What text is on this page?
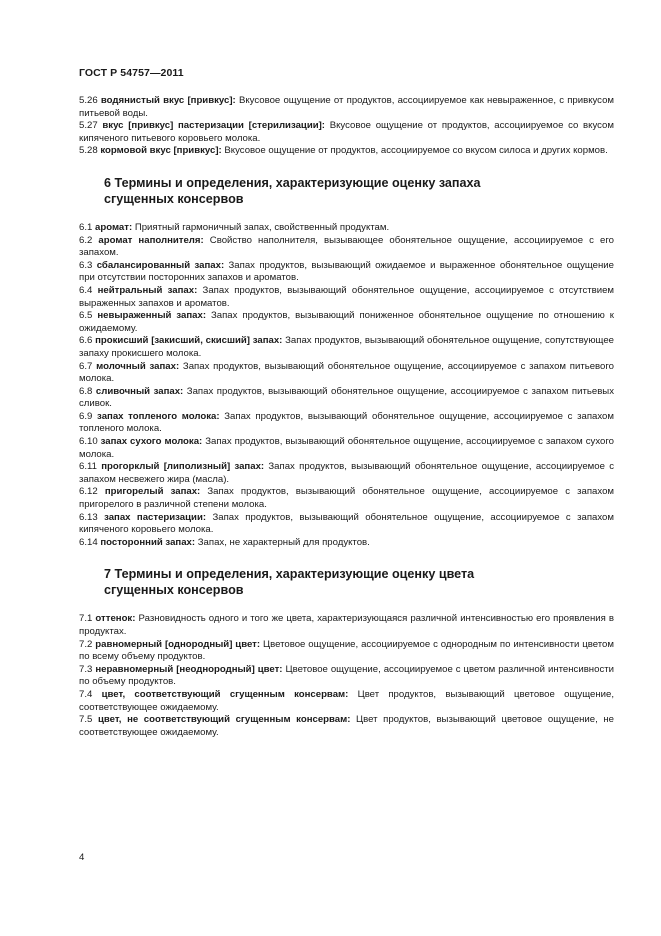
ГОСТ Р 54757—2011

5.26 водянистый вкус [привкус]: Вкусовое ощущение от продуктов, ассоциируемое как невыраженное, с привкусом питьевой воды.

5.27 вкус [привкус] пастеризации [стерилизации]: Вкусовое ощущение от продуктов, ассоциируемое со вкусом кипяченого питьевого коровьего молока.

5.28 кормовой вкус [привкус]: Вкусовое ощущение от продуктов, ассоциируемое со вкусом силоса и других кормов.

6 Термины и определения, характеризующие оценку запаха
сгущенных консервов

6.1 аромат: Приятный гармоничный запах, свойственный продуктам.

6.2 аромат наполнителя: Свойство наполнителя, вызывающее обонятельное ощущение, ассоциируемое с его запахом.

6.3 сбалансированный запах: Запах продуктов, вызывающий ожидаемое и выраженное обонятельное ощущение при отсутствии посторонних запахов и ароматов.

6.4 нейтральный запах: Запах продуктов, вызывающий обонятельное ощущение, ассоциируемое с отсутствием выраженных запахов и ароматов.

6.5 невыраженный запах: Запах продуктов, вызывающий пониженное обонятельное ощущение по отношению к ожидаемому.

6.6 прокисший [закисший, скисший] запах: Запах продуктов, вызывающий обонятельное ощущение, сопутствующее запаху прокисшего молока.

6.7 молочный запах: Запах продуктов, вызывающий обонятельное ощущение, ассоциируемое с запахом питьевого молока.

6.8 сливочный запах: Запах продуктов, вызывающий обонятельное ощущение, ассоциируемое с запахом питьевых сливок.

6.9 запах топленого молока: Запах продуктов, вызывающий обонятельное ощущение, ассоциируемое с запахом топленого молока.

6.10 запах сухого молока: Запах продуктов, вызывающий обонятельное ощущение, ассоциируемое с запахом сухого молока.

6.11 прогорклый [липолизный] запах: Запах продуктов, вызывающий обонятельное ощущение, ассоциируемое с запахом несвежего жира (масла).

6.12 пригорелый запах: Запах продуктов, вызывающий обонятельное ощущение, ассоциируемое с запахом пригорелого в различной степени молока.

6.13 запах пастеризации: Запах продуктов, вызывающий обонятельное ощущение, ассоциируемое с запахом кипяченого коровьего молока.

6.14 посторонний запах: Запах, не характерный для продуктов.

7 Термины и определения, характеризующие оценку цвета
сгущенных консервов

7.1 оттенок: Разновидность одного и того же цвета, характеризующаяся различной интенсивностью его проявления в продуктах.

7.2 равномерный [однородный] цвет: Цветовое ощущение, ассоциируемое с однородным по интенсивности цветом по всему объему продуктов.

7.3 неравномерный [неоднородный] цвет: Цветовое ощущение, ассоциируемое с цветом различной интенсивности по объему продуктов.

7.4 цвет, соответствующий сгущенным консервам: Цвет продуктов, вызывающий цветовое ощущение, соответствующее ожидаемому.

7.5 цвет, не соответствующий сгущенным консервам: Цвет продуктов, вызывающий цветовое ощущение, не соответствующее ожидаемому.

4
